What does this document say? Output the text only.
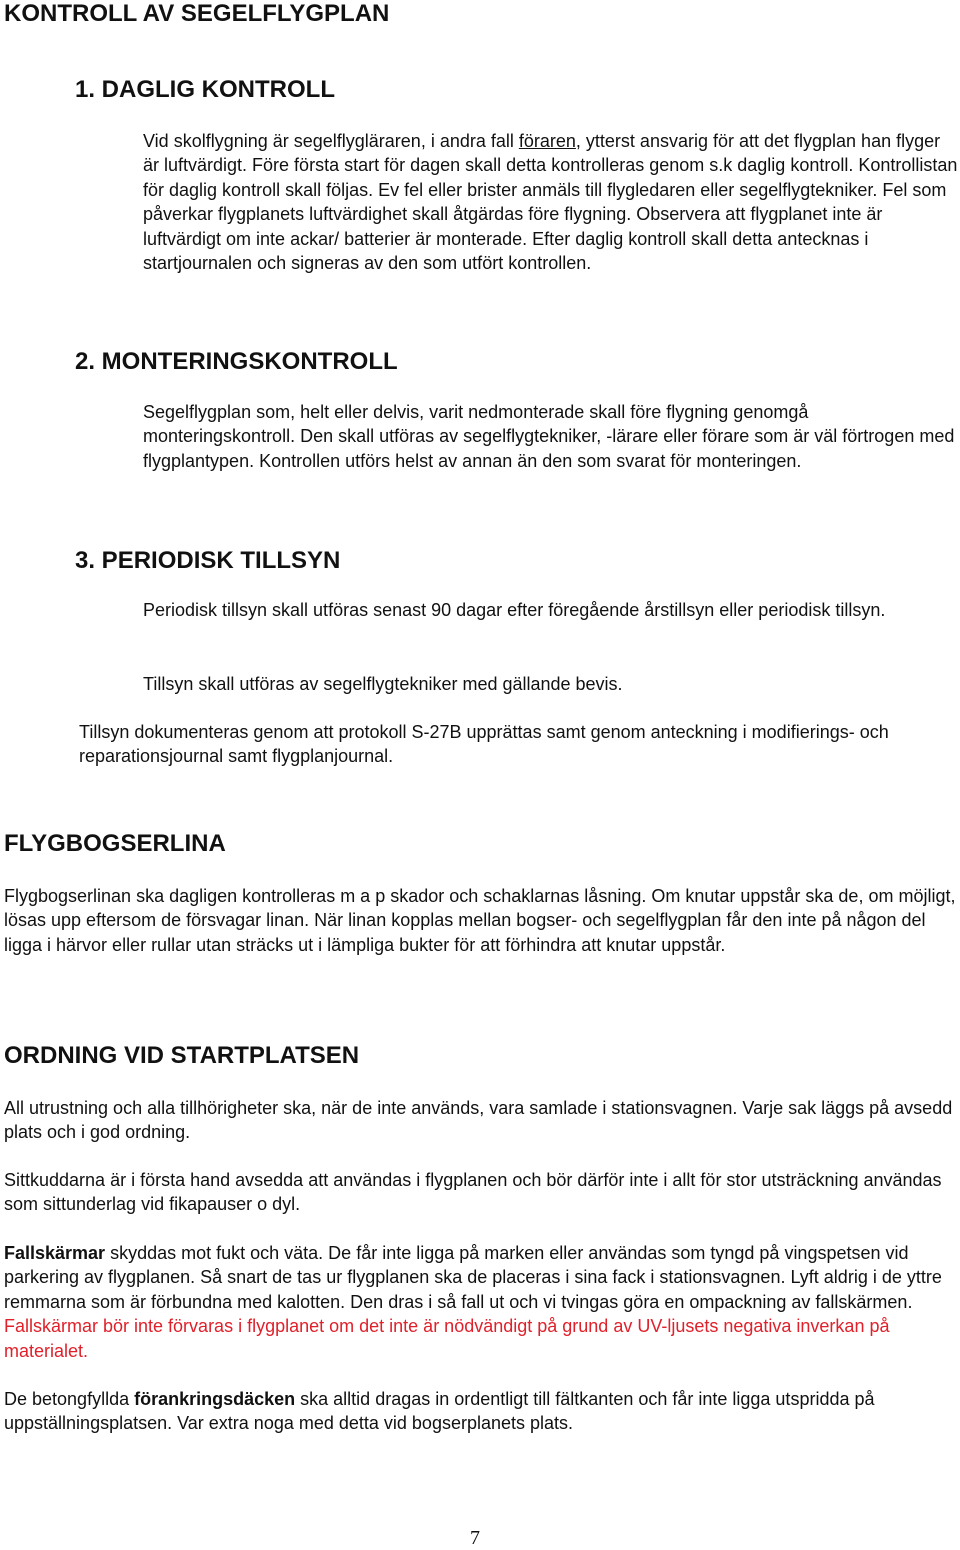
KONTROLL AV SEGELFLYGPLAN
1. DAGLIG KONTROLL
Vid skolflygning är segelflygläraren, i andra fall föraren, ytterst ansvarig för att det flygplan han flyger är luftvärdigt. Före första start för dagen skall detta kontrolleras genom s.k daglig kontroll. Kontrollistan för daglig kontroll skall följas. Ev fel eller brister anmäls till flygledaren eller segelflygtekniker. Fel som påverkar flygplanets luftvärdighet skall åtgärdas före flygning. Observera att flygplanet inte är luftvärdigt om inte ackar/ batterier är monterade. Efter daglig kontroll skall detta antecknas i startjournalen och signeras av den som utfört kontrollen.
2. MONTERINGSKONTROLL
Segelflygplan som, helt eller delvis, varit nedmonterade skall före flygning genomgå monteringskontroll. Den skall utföras av segelflygtekniker, -lärare eller förare som är väl förtrogen med flygplantypen. Kontrollen utförs helst av annan än den som svarat för monteringen.
3. PERIODISK TILLSYN
Periodisk tillsyn skall utföras senast 90 dagar efter föregående årstillsyn eller periodisk tillsyn.
Tillsyn skall utföras av segelflygtekniker med gällande bevis.
Tillsyn dokumenteras genom att protokoll S-27B upprättas samt genom anteckning i modifierings- och reparationsjournal samt flygplanjournal.
FLYGBOGSERLINA
Flygbogserlinan ska dagligen kontrolleras m a p skador och schaklarnas låsning. Om knutar uppstår ska de, om möjligt, lösas upp eftersom de försvagar linan. När linan kopplas mellan bogser- och segelflygplan får den inte på någon del ligga i härvor eller rullar utan sträcks ut i lämpliga bukter för att förhindra att knutar uppstår.
ORDNING VID STARTPLATSEN
All utrustning och alla tillhörigheter ska, när de inte används, vara samlade i stationsvagnen. Varje sak läggs på avsedd plats och i god ordning.
Sittkuddarna är i första hand avsedda att användas i flygplanen och bör därför inte i allt för stor utsträckning användas som sittunderlag vid fikapauser o dyl.
Fallskärmar skyddas mot fukt och väta. De får inte ligga på marken eller användas som tyngd på vingspetsen vid parkering av flygplanen. Så snart de tas ur flygplanen ska de placeras i sina fack i stationsvagnen. Lyft aldrig i de yttre remmarna som är förbundna med kalotten. Den dras i så fall ut och vi tvingas göra en ompackning av fallskärmen. Fallskärmar bör inte förvaras i flygplanet om det inte är nödvändigt på grund av UV-ljusets negativa inverkan på materialet.
De betongfyllda förankringsdäcken ska alltid dragas in ordentligt till fältkanten och får inte ligga utspridda på uppställningsplatsen. Var extra noga med detta vid bogserplanets plats.
7
